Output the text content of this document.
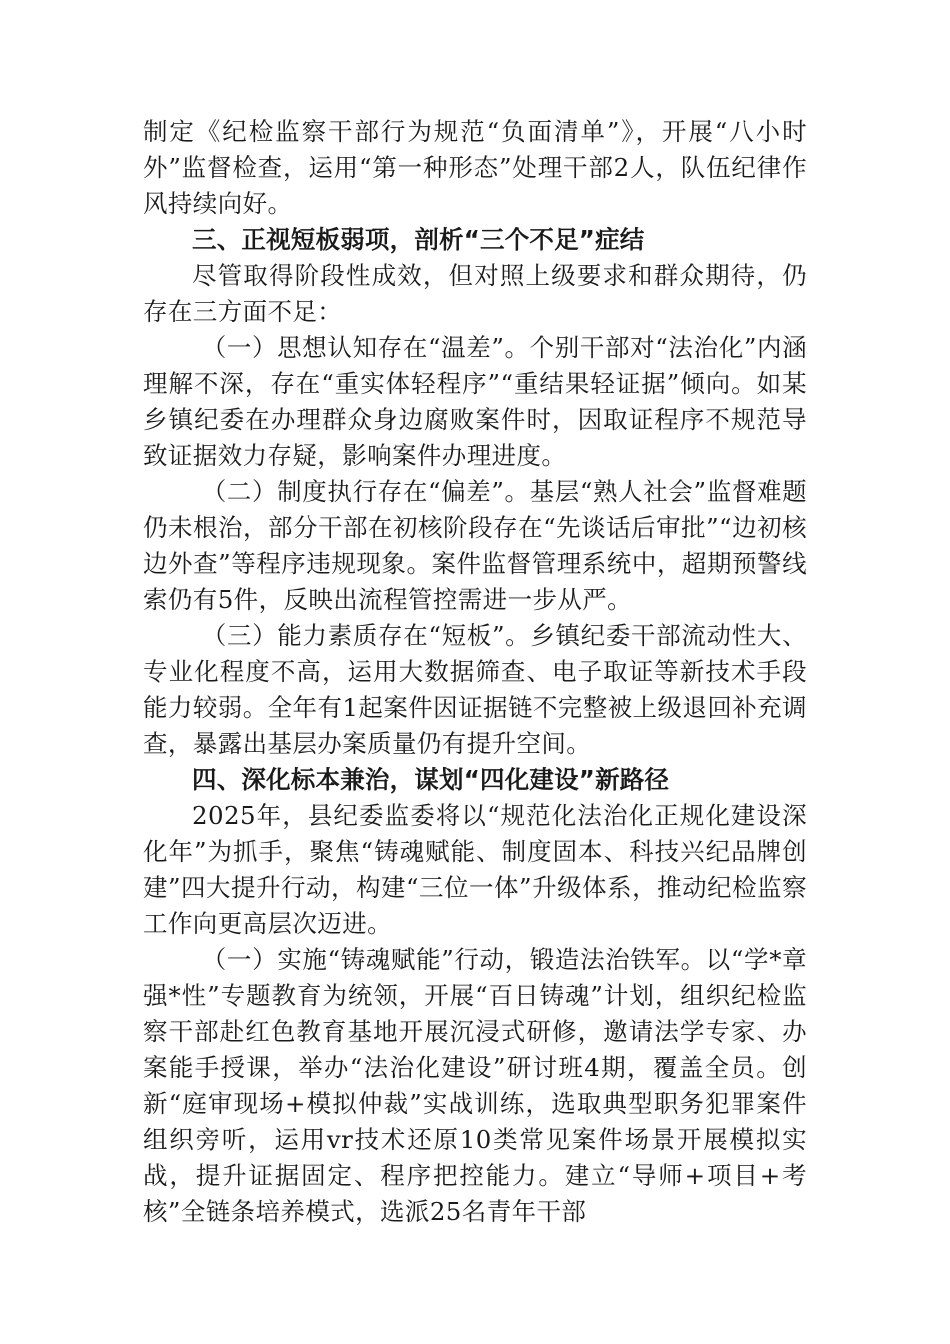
制定《纪检监察干部行为规范“负面清单”》，开展“八小时外”监督检查，运用“第一种形态”处理干部2人，队伍纪律作风持续向好。

三、正视短板弱项，剖析“三个不足”症结

尽管取得阶段性成效，但对照上级要求和群众期待，仍存在三方面不足：

（一）思想认知存在“温差”。个别干部对“法治化”内涵理解不深，存在“重实体轻程序”“重结果轻证据”倾向。如某乡镇纪委在办理群众身边腐败案件时，因取证程序不规范导致证据效力存疑，影响案件办理进度。

（二）制度执行存在“偏差”。基层“熟人社会”监督难题仍未根治，部分干部在初核阶段存在“先谈话后审批”“边初核边外查”等程序违规现象。案件监督管理系统中，超期预警线索仍有5件，反映出流程管控需进一步从严。

（三）能力素质存在“短板”。乡镇纪委干部流动性大、专业化程度不高，运用大数据筛查、电子取证等新技术手段能力较弱。全年有1起案件因证据链不完整被上级退回补充调查，暴露出基层办案质量仍有提升空间。

四、深化标本兼治，谋划“四化建设”新路径

2025年，县纪委监委将以“规范化法治化正规化建设深化年”为抓手，聚焦“铸魂赋能、制度固本、科技兴纪品牌创建”四大提升行动，构建“三位一体”升级体系，推动纪检监察工作向更高层次迈进。

（一）实施“铸魂赋能”行动，锻造法治铁军。以“学*章强*性”专题教育为统领，开展“百日铸魂”计划，组织纪检监察干部赴红色教育基地开展沉浸式研修，邀请法学专家、办案能手授课，举办“法治化建设”研讨班4期，覆盖全员。创新“庭审现场+模拟仲裁”实战训练，选取典型职务犯罪案件组织旁听，运用vr技术还原10类常见案件场景开展模拟实战，提升证据固定、程序把控能力。建立“导师+项目+考核”全链条培养模式，选派25名青年干部
